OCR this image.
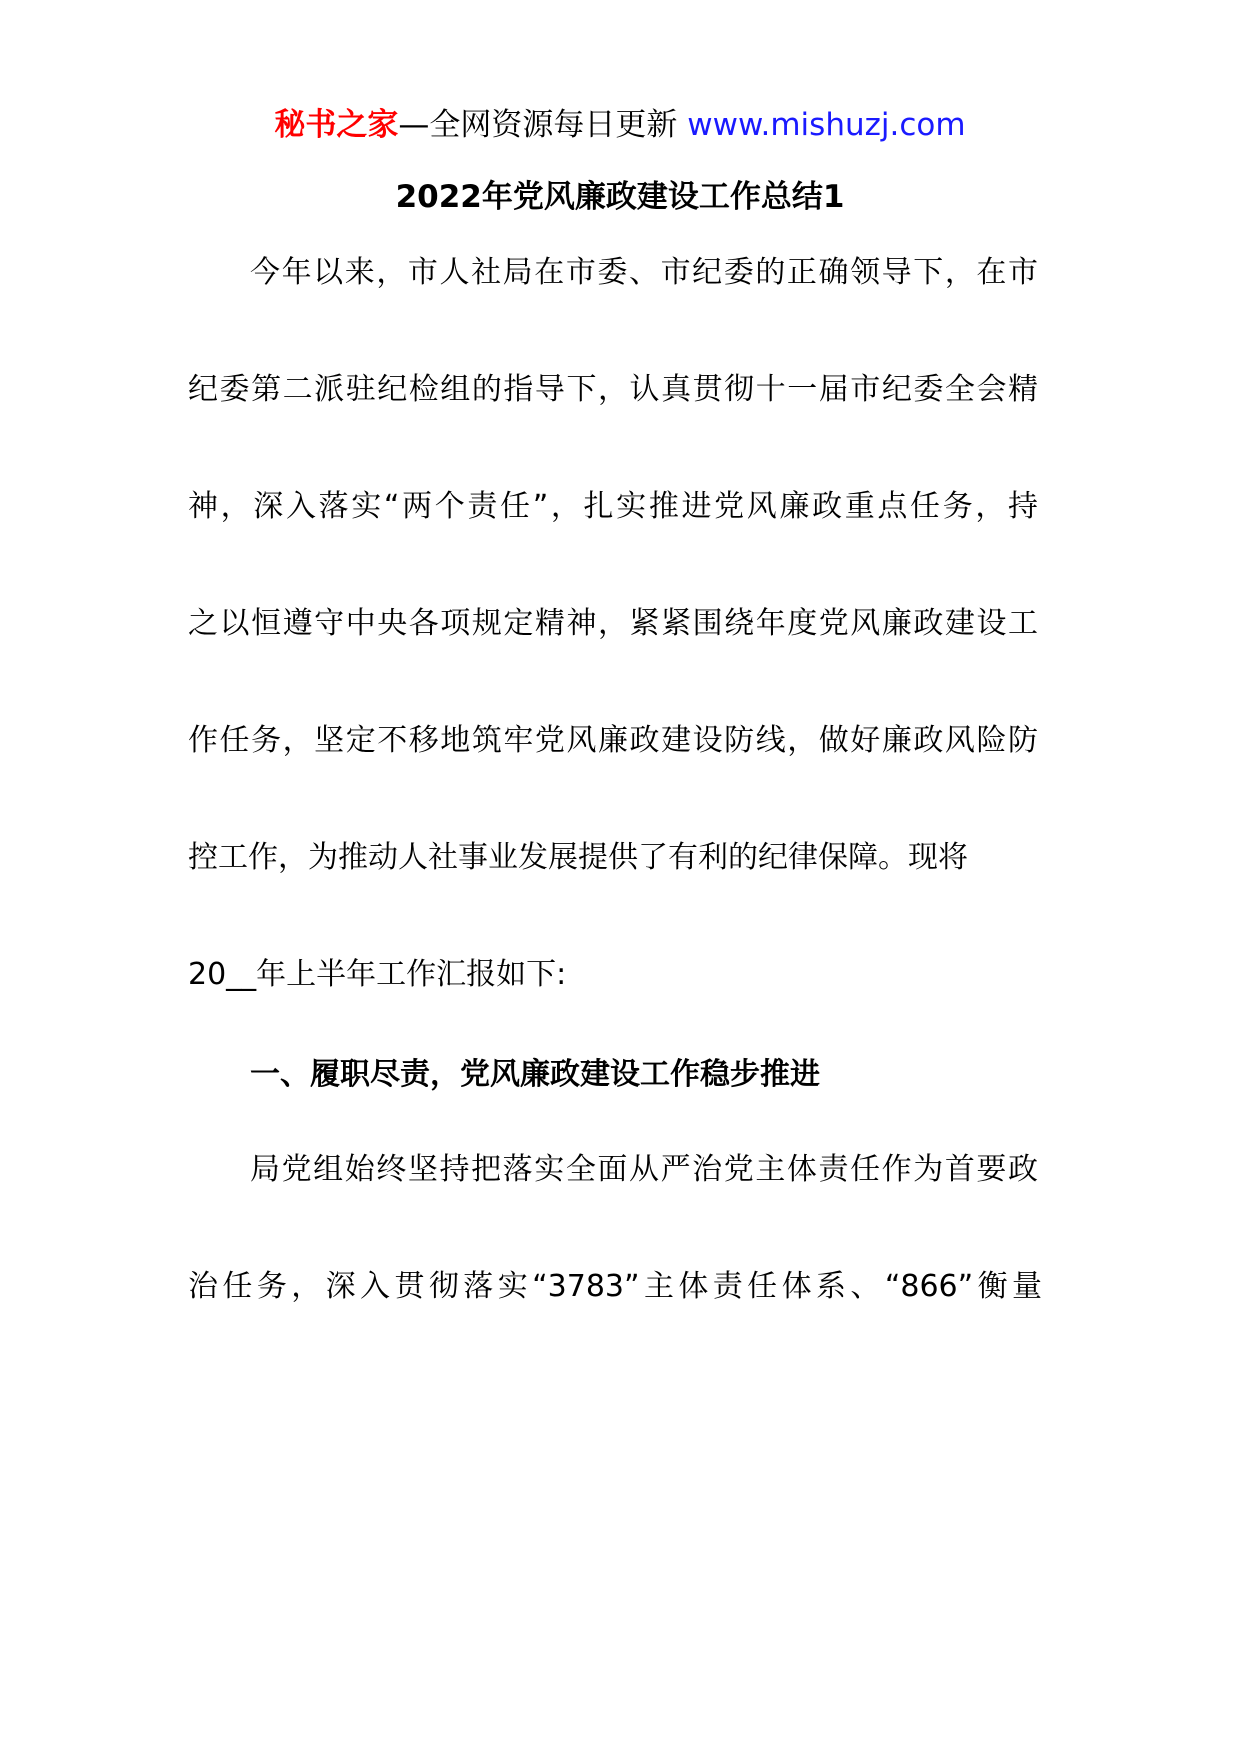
秘书之家—全网资源每日更新 www.mishuzj.com
2022年党风廉政建设工作总结1
今年以来，市人社局在市委、市纪委的正确领导下，在市
纪委第二派驻纪检组的指导下，认真贯彻十一届市纪委全会精
神，深入落实“两个责任”，扎实推进党风廉政重点任务，持
之以恒遵守中央各项规定精神，紧紧围绕年度党风廉政建设工
作任务，坚定不移地筑牢党风廉政建设防线，做好廉政风险防
控工作，为推动人社事业发展提供了有利的纪律保障。现将
20__年上半年工作汇报如下:
一、履职尽责，党风廉政建设工作稳步推进
局党组始终坚持把落实全面从严治党主体责任作为首要政
治任务，深入贯彻落实“3783”主体责任体系、“866”衡量
